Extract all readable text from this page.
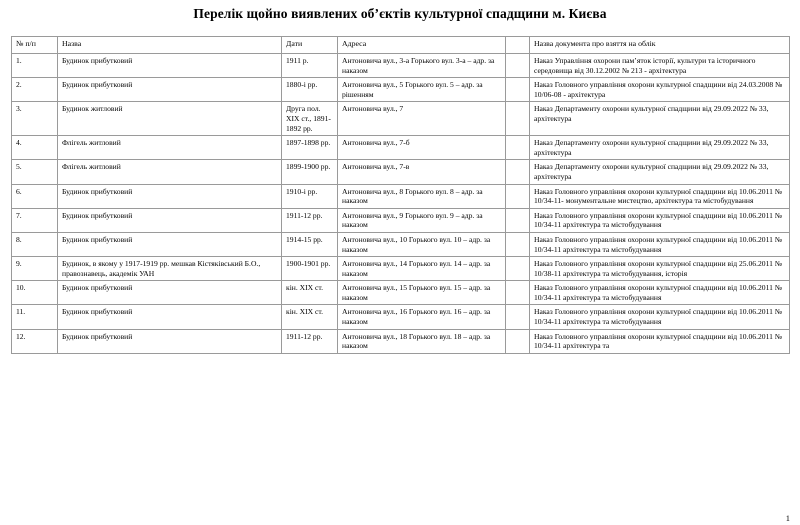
Перелік щойно виявлених об’єктів культурної спадщини м. Києва
№ п/п	Назва	Дати	Адреса		Назва документа про взяття на облік
1.	Будинок прибутковий	1911 р.	Антоновича вул., 3-а Горького вул. 3-а – адр. за наказом		Наказ Управління охорони пам’яток історії, культури та історичного середовища від 30.12.2002 № 213 - архітектура
2.	Будинок прибутковий	1880-і рр.	Антоновича вул., 5 Горького вул. 5 – адр. за рішенням		Наказ Головного управління охорони культурної спадщини від 24.03.2008 № 10/06-08 - архітектура
3.	Будинок житловий	Друга пол. XIX ст., 1891-1892 рр.	Антоновича вул., 7		Наказ Департаменту охорони культурної спадщини від 29.09.2022 № 33, архітектура
4.	Флігель житловий	1897-1898 рр.	Антоновича вул., 7-б		Наказ Департаменту охорони культурної спадщини від 29.09.2022 № 33, архітектура
5.	Флігель житловий	1899-1900 рр.	Антоновича вул., 7-в		Наказ Департаменту охорони культурної спадщини від 29.09.2022 № 33, архітектура
6.	Будинок прибутковий	1910-і рр.	Антоновича вул., 8 Горького вул. 8 – адр. за наказом		Наказ Головного управління охорони культурної спадщини від 10.06.2011 № 10/34-11- монументальне мистецтво, архітектура та містобудування
7.	Будинок прибутковий	1911-12 рр.	Антоновича вул., 9 Горького вул. 9 – адр. за наказом		Наказ Головного управління охорони культурної спадщини від 10.06.2011 № 10/34-11 архітектура та містобудування
8.	Будинок прибутковий	1914-15 рр.	Антоновича вул., 10 Горького вул. 10 – адр. за наказом		Наказ Головного управління охорони культурної спадщини від 10.06.2011 № 10/34-11 архітектура та містобудування
9.	Будинок, в якому у 1917-1919 рр. мешкав Кістяківський Б.О., правознавець, академік УАН	1900-1901 рр.	Антоновича вул., 14 Горького вул. 14 – адр. за наказом		Наказ Головного управління охорони культурної спадщини від 25.06.2011 № 10/38-11 архітектура та містобудування, історія
10.	Будинок прибутковий	кін. XIX ст.	Антоновича вул., 15 Горького вул. 15 – адр. за наказом		Наказ Головного управління охорони культурної спадщини від 10.06.2011 № 10/34-11 архітектура та містобудування
11.	Будинок прибутковий	кін. XIX ст.	Антоновича вул., 16 Горького вул. 16 – адр. за наказом		Наказ Головного управління охорони культурної спадщини від 10.06.2011 № 10/34-11 архітектура та містобудування
12.	Будинок прибутковий	1911-12 рр.	Антоновича вул., 18 Горького вул. 18 – адр. за наказом		Наказ Головного управління охорони культурної спадщини від 10.06.2011 № 10/34-11 архітектура та
1
